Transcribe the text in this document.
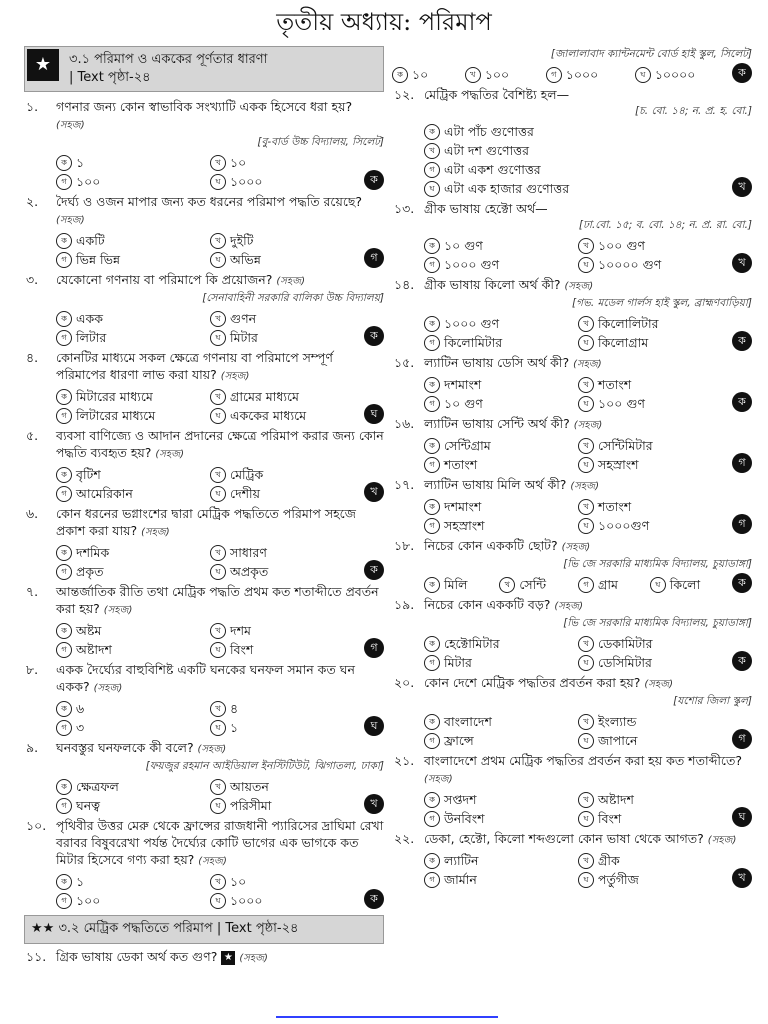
তৃতীয় অধ্যায়: পরিমাপ
★	৩.১ পরিমাপ ও এককের পূর্ণতার ধারণা
| Text পৃষ্ঠা-২৪
১. গণনার জন্য কোন স্বাভাবিক সংখ্যাটি একক হিসেবে ধরা হয়? (সহজ)
[বু-বার্ড উচ্চ বিদ্যালয়, সিলেট]
ক ১	খ ১০
গ ১০০	ঘ ১০০০	ক
২. দৈর্ঘ্য ও ওজন মাপার জন্য কত ধরনের পরিমাপ পদ্ধতি রয়েছে? (সহজ)
ক একটি	খ দুইটি
গ ভিন্ন ভিন্ন	ঘ অভিন্ন	গ
৩. যেকোনো গণনায় বা পরিমাপে কি প্রয়োজন? (সহজ)
[সেনাবাহিনী সরকারি বালিকা উচ্চ বিদ্যালয়]
ক একক	খ গুণন
গ লিটার	ঘ মিটার	ক
৪. কোনটির মাধ্যমে সকল ক্ষেত্রে গণনায় বা পরিমাপে সম্পূর্ণ পরিমাপের ধারণা লাভ করা যায়? (সহজ)
ক মিটারের মাধ্যমে	খ গ্রামের মাধ্যমে
গ লিটারের মাধ্যমে	ঘ এককের মাধ্যমে	ঘ
৫. ব্যবসা বাণিজ্যে ও আদান প্রদানের ক্ষেত্রে পরিমাপ করার জন্য কোন পদ্ধতি ব্যবহৃত হয়? (সহজ)
ক বৃটিশ	খ মেট্রিক
গ আমেরিকান	ঘ দেশীয়	খ
৬. কোন ধরনের ভগ্নাংশের দ্বারা মেট্রিক পদ্ধতিতে পরিমাপ সহজে প্রকাশ করা যায়? (সহজ)
ক দশমিক	খ সাধারণ
গ প্রকৃত	ঘ অপ্রকৃত	ক
৭. আন্তর্জাতিক রীতি তথা মেট্রিক পদ্ধতি প্রথম কত শতাব্দীতে প্রবর্তন করা হয়? (সহজ)
ক অষ্টম	খ দশম
গ অষ্টাদশ	ঘ বিংশ	গ
৮. একক দৈর্ঘ্যের বাহুবিশিষ্ট একটি ঘনকের ঘনফল সমান কত ঘন একক? (সহজ)
ক ৬	খ ৪
গ ৩	ঘ ১	ঘ
৯. ঘনবস্তুর ঘনফলকে কী বলে? (সহজ)
[ফয়জুর রহমান আইডিয়াল ইনস্টিটিউট, ঝিগাতলা, ঢাকা]
ক ক্ষেত্রফল	খ আয়তন
গ ঘনত্ব	ঘ পরিসীমা	খ
১০. পৃথিবীর উত্তর মেরু থেকে ফ্রান্সের রাজধানী প্যারিসের দ্রাঘিমা রেখা বরাবর বিষুবরেখা পর্যন্ত দৈর্ঘ্যের কোটি ভাগের এক ভাগকে কত মিটার হিসেবে গণ্য করা হয়? (সহজ)
ক ১	খ ১০
গ ১০০	ঘ ১০০০	ক
★★ ৩.২ মেট্রিক পদ্ধতিতে পরিমাপ | Text পৃষ্ঠা-২৪
১১. গ্রিক ভাষায় ডেকা অর্থ কত গুণ? ★ (সহজ)
[জালালাবাদ ক্যান্টনমেন্ট বোর্ড হাই স্কুল, সিলেট]
ক ১০	খ ১০০	গ ১০০০	ঘ ১০০০০	ক
১২. মেট্রিক পদ্ধতির বৈশিষ্ট্য হল—
[চ. বো. ১৪; ন. প্র. হ. বো.]
ক এটা পাঁচ গুণোত্তর
খ এটা দশ গুণোত্তর
গ এটা একশ গুণোত্তর
ঘ এটা এক হাজার গুণোত্তর	খ
১৩. গ্রীক ভাষায় হেক্টো অর্থ—
[ঢা.বো. ১৫; ব. বো. ১৪; ন. প্র. রা. বো.]
ক ১০ গুণ	খ ১০০ গুণ
গ ১০০০ গুণ	ঘ ১০০০০ গুণ	খ
১৪. গ্রীক ভাষায় কিলো অর্থ কী? (সহজ)
[গভ. মডেল গার্লস হাই স্কুল, ব্রাহ্মণবাড়িয়া]
ক ১০০০ গুণ	খ কিলোলিটার
গ কিলোমিটার	ঘ কিলোগ্রাম	ক
১৫. ল্যাটিন ভাষায় ডেসি অর্থ কী? (সহজ)
ক দশমাংশ	খ শতাংশ
গ ১০ গুণ	ঘ ১০০ গুণ	ক
১৬. ল্যাটিন ভাষায় সেন্টি অর্থ কী? (সহজ)
ক সেন্টিগ্রাম	খ সেন্টিমিটার
গ শতাংশ	ঘ সহস্রাংশ	গ
১৭. ল্যাটিন ভাষায় মিলি অর্থ কী? (সহজ)
ক দশমাংশ	খ শতাংশ
গ সহস্রাংশ	ঘ ১০০০গুণ	গ
১৮. নিচের কোন এককটি ছোট? (সহজ)
[ভি জে সরকারি মাধ্যমিক বিদ্যালয়, চুয়াডাঙ্গা]
ক মিলি	খ সেন্টি	গ গ্রাম	ঘ কিলো	ক
১৯. নিচের কোন এককটি বড়? (সহজ)
[ভি জে সরকারি মাধ্যমিক বিদ্যালয়, চুয়াডাঙ্গা]
ক হেক্টোমিটার	খ ডেকামিটার
গ মিটার	ঘ ডেসিমিটার	ক
২০. কোন দেশে মেট্রিক পদ্ধতির প্রবর্তন করা হয়? (সহজ)
[যশোর জিলা স্কুল]
ক বাংলাদেশ	খ ইংল্যান্ড
গ ফ্রান্সে	ঘ জাপানে	গ
২১. বাংলাদেশে প্রথম মেট্রিক পদ্ধতির প্রবর্তন করা হয় কত শতাব্দীতে? (সহজ)
ক সপ্তদশ	খ অষ্টাদশ
গ উনবিংশ	ঘ বিংশ	ঘ
২২. ডেকা, হেক্টো, কিলো শব্দগুলো কোন ভাষা থেকে আগত? (সহজ)
ক ল্যাটিন	খ গ্রীক
গ জার্মান	ঘ পর্তুগীজ	খ
